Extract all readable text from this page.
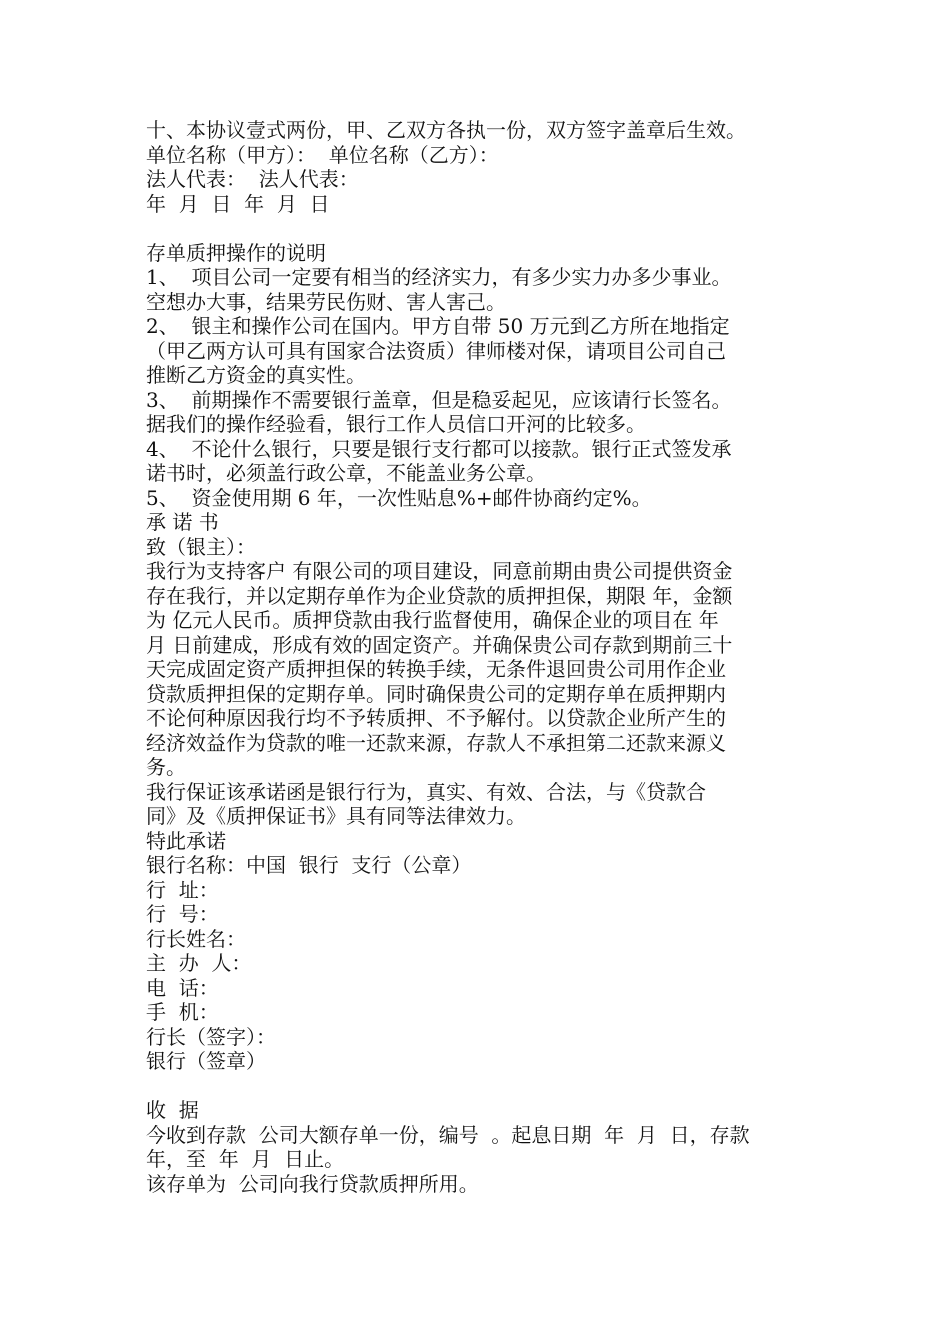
十、本协议壹式两份，甲、乙双方各执一份，双方签字盖章后生效。
单位名称（甲方）：  单位名称（乙方）：
法人代表：  法人代表：
年  月  日  年  月  日
存单质押操作的说明
1、  项目公司一定要有相当的经济实力，有多少实力办多少事业。
空想办大事，结果劳民伤财、害人害己。
2、  银主和操作公司在国内。甲方自带 50 万元到乙方所在地指定
（甲乙两方认可具有国家合法资质）律师楼对保，请项目公司自己
推断乙方资金的真实性。
3、  前期操作不需要银行盖章，但是稳妥起见，应该请行长签名。
据我们的操作经验看，银行工作人员信口开河的比较多。
4、  不论什么银行，只要是银行支行都可以接款。银行正式签发承
诺书时，必须盖行政公章，不能盖业务公章。
5、  资金使用期 6 年，一次性贴息%+邮件协商约定%。
承 诺 书
致（银主）：
我行为支持客户 有限公司的项目建设，同意前期由贵公司提供资金
存在我行，并以定期存单作为企业贷款的质押担保，期限 年，金额
为 亿元人民币。质押贷款由我行监督使用，确保企业的项目在 年
月 日前建成，形成有效的固定资产。并确保贵公司存款到期前三十
天完成固定资产质押担保的转换手续，无条件退回贵公司用作企业
贷款质押担保的定期存单。同时确保贵公司的定期存单在质押期内
不论何种原因我行均不予转质押、不予解付。以贷款企业所产生的
经济效益作为贷款的唯一还款来源，存款人不承担第二还款来源义
务。
我行保证该承诺函是银行行为，真实、有效、合法，与《贷款合
同》及《质押保证书》具有同等法律效力。
特此承诺
银行名称：中国  银行  支行（公章）
行  址：
行  号：
行长姓名：
主  办  人：
电  话：
手  机：
行长（签字）：
银行（签章）
收  据
今收到存款  公司大额存单一份，编号  。起息日期  年  月  日，存款
年，至  年  月  日止。
该存单为  公司向我行贷款质押所用。
